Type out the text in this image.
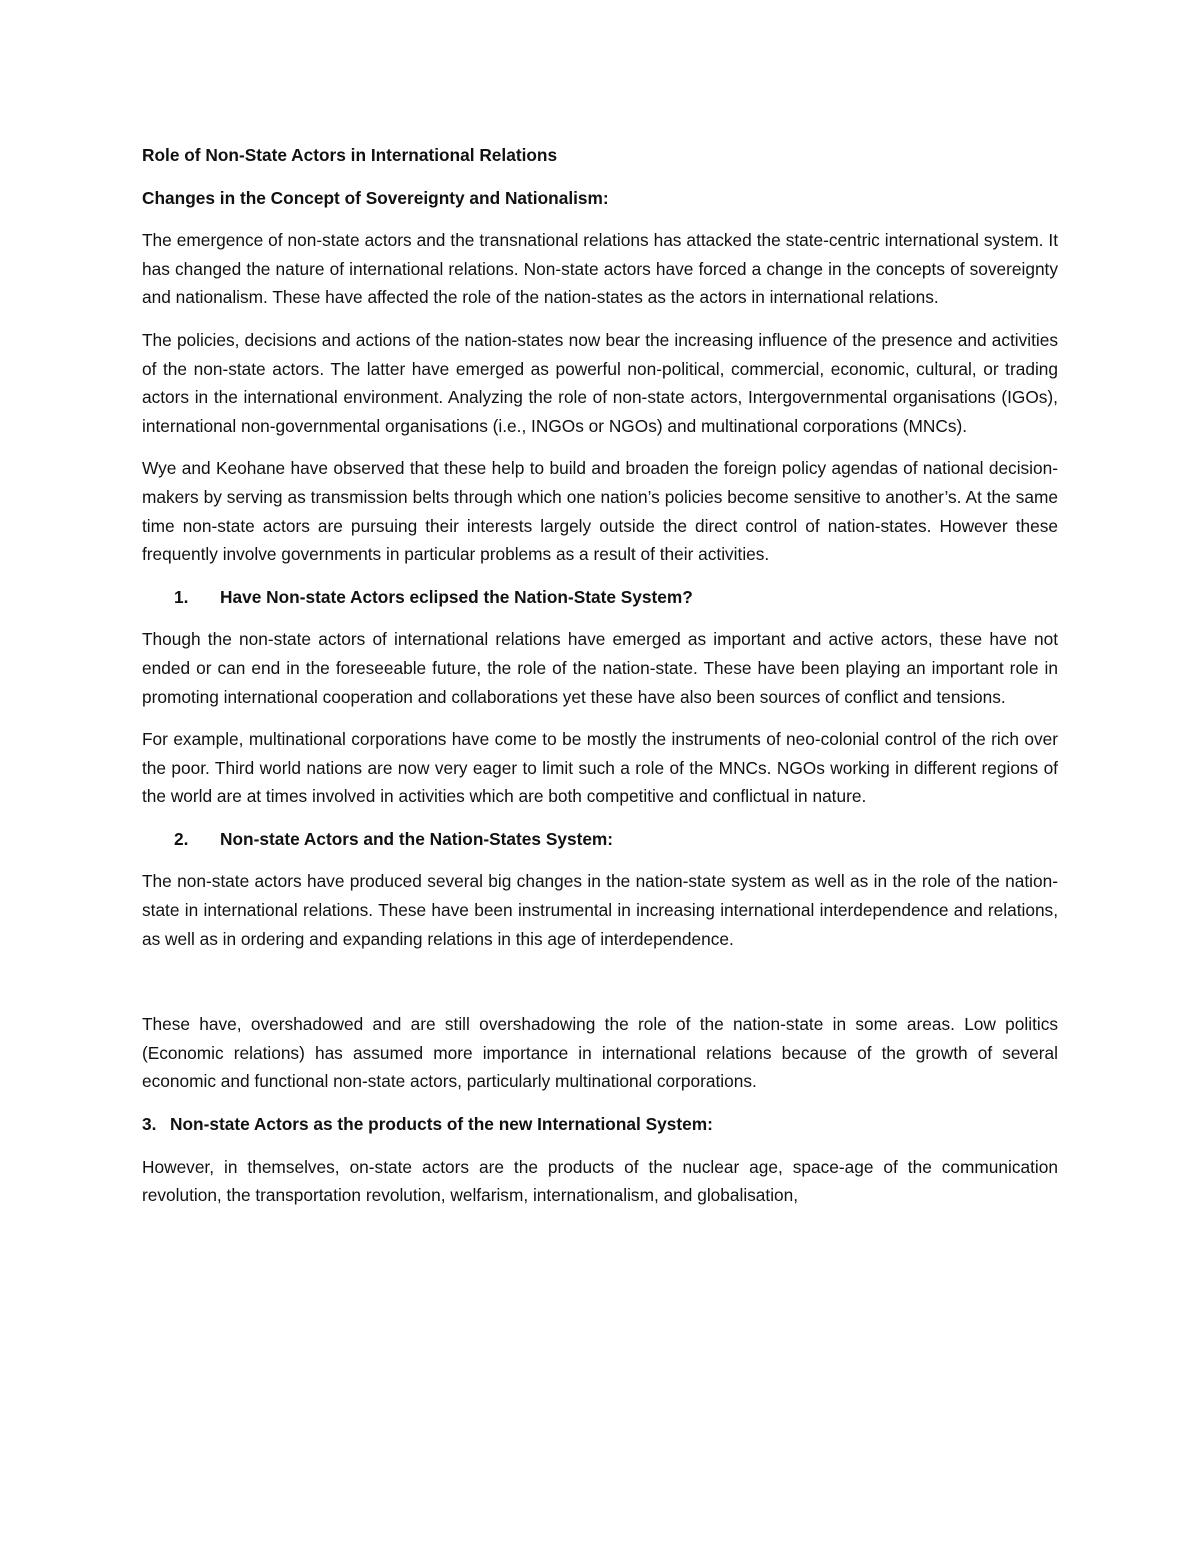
Role of Non-State Actors in International Relations
Changes in the Concept of Sovereignty and Nationalism:

The emergence of non-state actors and the transnational relations has attacked the state-centric international system. It has changed the nature of international relations. Non-state actors have forced a change in the concepts of sovereignty and nationalism. These have affected the role of the nation-states as the actors in international relations.

The policies, decisions and actions of the nation-states now bear the increasing influence of the presence and activities of the non-state actors. The latter have emerged as powerful non-political, commercial, economic, cultural, or trading actors in the international environment. Analyzing the role of non-state actors, Intergovernmental organisations (IGOs), international non-governmental organisations (i.e., INGOs or NGOs) and multinational corporations (MNCs).

Wye and Keohane have observed that these help to build and broaden the foreign policy agendas of national decision-makers by serving as transmission belts through which one nation’s policies become sensitive to another’s. At the same time non-state actors are pursuing their interests largely outside the direct control of nation-states. However these frequently involve governments in particular problems as a result of their activities.

1.	Have Non-state Actors eclipsed the Nation-State System?

Though the non-state actors of international relations have emerged as important and active actors, these have not ended or can end in the foreseeable future, the role of the nation-state. These have been playing an important role in promoting international cooperation and collaborations yet these have also been sources of conflict and tensions.

For example, multinational corporations have come to be mostly the instruments of neo-colonial control of the rich over the poor. Third world nations are now very eager to limit such a role of the MNCs. NGOs working in different regions of the world are at times involved in activities which are both competitive and conflictual in nature.

2.	Non-state Actors and the Nation-States System:

The non-state actors have produced several big changes in the nation-state system as well as in the role of the nation-state in international relations. These have been instrumental in increasing international interdependence and relations, as well as in ordering and expanding relations in this age of interdependence.

These have, overshadowed and are still overshadowing the role of the nation-state in some areas. Low politics (Economic relations) has assumed more importance in international relations because of the growth of several economic and functional non-state actors, particularly multinational corporations.

3. Non-state Actors as the products of the new International System:

However, in themselves, on-state actors are the products of the nuclear age, space-age of the communication revolution, the transportation revolution, welfarism, internationalism, and globalisation,
